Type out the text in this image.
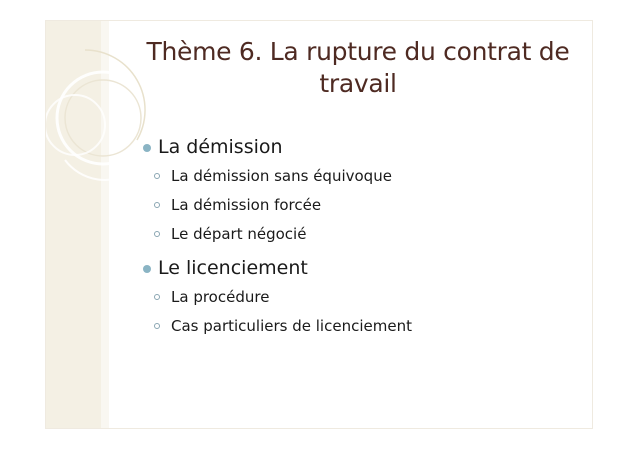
Thème 6. La rupture du contrat de
travail
La démission
La démission sans équivoque
La démission forcée
Le départ négocié
Le licenciement
La procédure
Cas particuliers de licenciement
